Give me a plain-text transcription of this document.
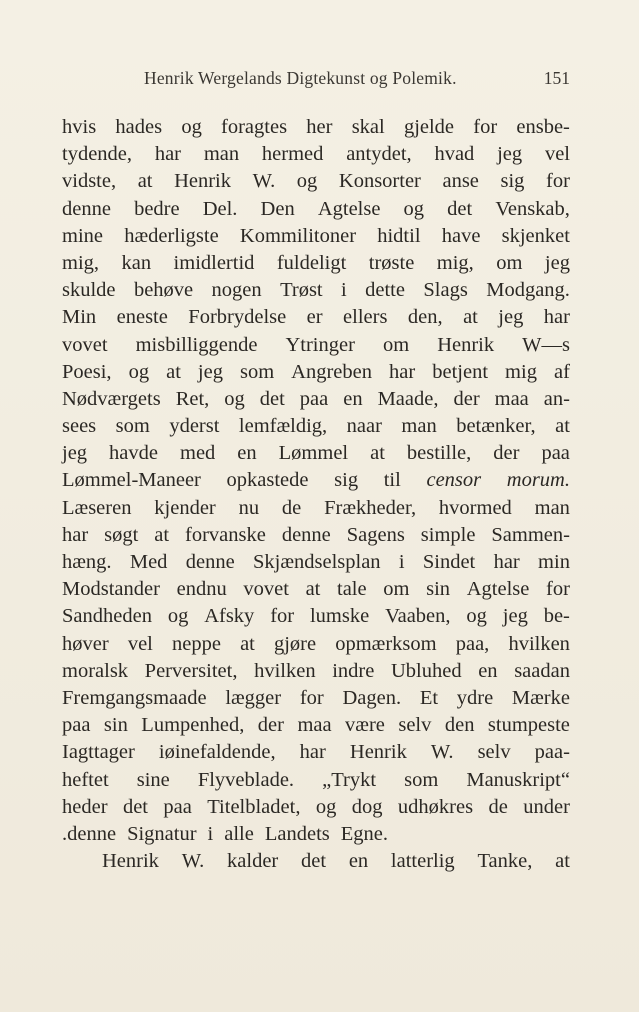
Henrik Wergelands Digtekunst og Polemik.	151
hvis hades og foragtes her skal gjelde for ensbe-
tydende, har man hermed antydet, hvad jeg vel
vidste, at Henrik W. og Konsorter anse sig for
denne bedre Del. Den Agtelse og det Venskab,
mine hæderligste Kommilitoner hidtil have skjenket
mig, kan imidlertid fuldeligt trøste mig, om jeg
skulde behøve nogen Trøst i dette Slags Modgang.
Min eneste Forbrydelse er ellers den, at jeg har
vovet misbilliggende Ytringer om Henrik W—s
Poesi, og at jeg som Angreben har betjent mig af
Nødværgets Ret, og det paa en Maade, der maa an-
sees som yderst lemfældig, naar man betænker, at
jeg havde med en Lømmel at bestille, der paa
Lømmel-Maneer opkastede sig til censor morum.
Læseren kjender nu de Frækheder, hvormed man
har søgt at forvanske denne Sagens simple Sammen-
hæng. Med denne Skjændselsplan i Sindet har min
Modstander endnu vovet at tale om sin Agtelse for
Sandheden og Afsky for lumske Vaaben, og jeg be-
høver vel neppe at gjøre opmærksom paa, hvilken
moralsk Perversitet, hvilken indre Ubluhed en saadan
Fremgangsmaade lægger for Dagen. Et ydre Mærke
paa sin Lumpenhed, der maa være selv den stumpeste
Iagttager iøinefaldende, har Henrik W. selv paa-
heftet sine Flyveblade. „Trykt som Manuskript“
heder det paa Titelbladet, og dog udhøkres de under
.denne Signatur i alle Landets Egne.
Henrik W. kalder det en latterlig Tanke, at
